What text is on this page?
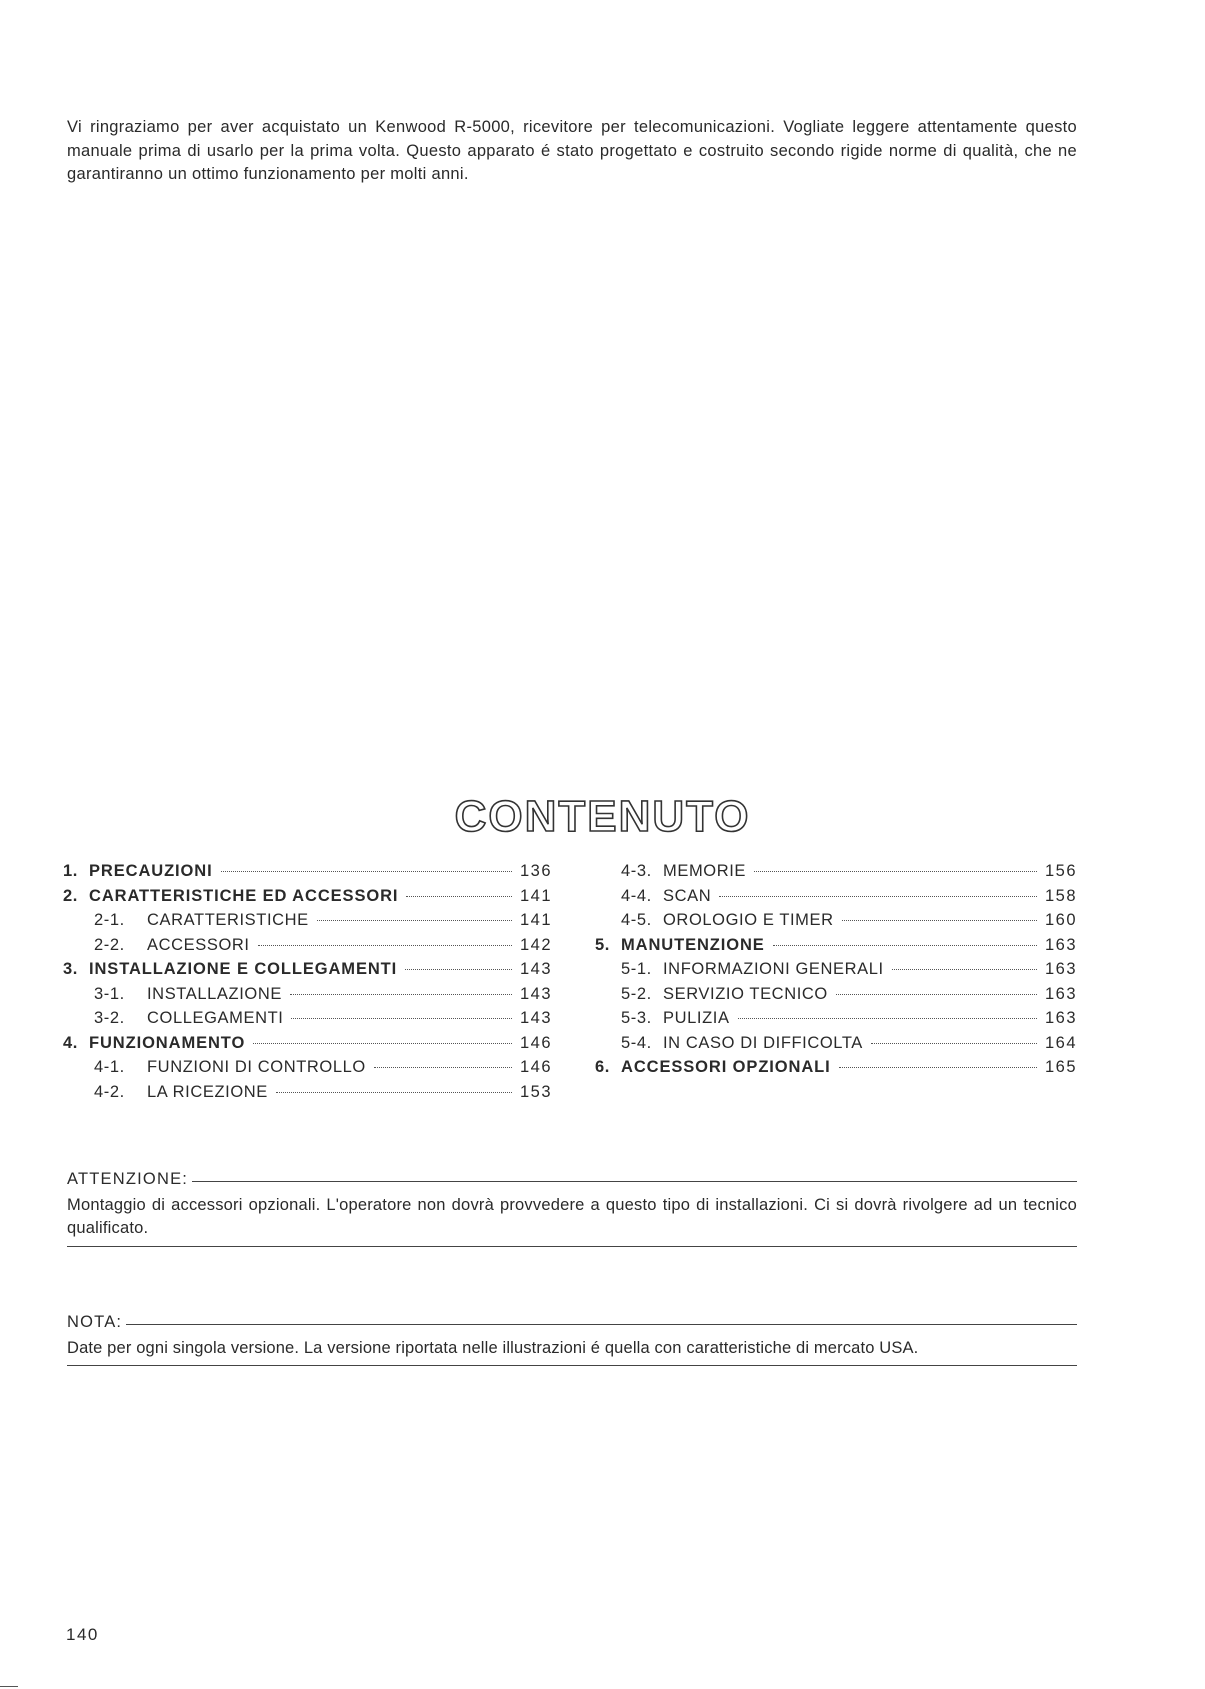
Vi ringraziamo per aver acquistato un Kenwood R-5000, ricevitore per telecomunicazioni. Vogliate leggere attentamente questo manuale prima di usarlo per la prima volta. Questo apparato é stato progettato e costruito secondo rigide norme di qualità, che ne garantiranno un ottimo funzionamento per molti anni.

CONTENUTO
1. PRECAUZIONI	136
2. CARATTERISTICHE ED ACCESSORI	141
2-1.	CARATTERISTICHE	141
2-2.	ACCESSORI	142
3. INSTALLAZIONE E COLLEGAMENTI	143
3-1.	INSTALLAZIONE	143
3-2.	COLLEGAMENTI	143
4. FUNZIONAMENTO	146
4-1.	FUNZIONI DI CONTROLLO	146
4-2.	LA RICEZIONE	153
4-3. MEMORIE	156
4-4. SCAN	158
4-5. OROLOGIO E TIMER	160
5. MANUTENZIONE	163
5-1. INFORMAZIONI GENERALI	163
5-2. SERVIZIO TECNICO	163
5-3. PULIZIA	163
5-4. IN CASO DI DIFFICOLTA	164
6. ACCESSORI OPZIONALI	165
ATTENZIONE:

Montaggio di accessori opzionali. L'operatore non dovrà provvedere a questo tipo di installazioni. Ci si dovrà rivolgere ad un tecnico qualificato.

NOTA:

Date per ogni singola versione. La versione riportata nelle illustrazioni é quella con caratteristiche di mercato USA.

140
